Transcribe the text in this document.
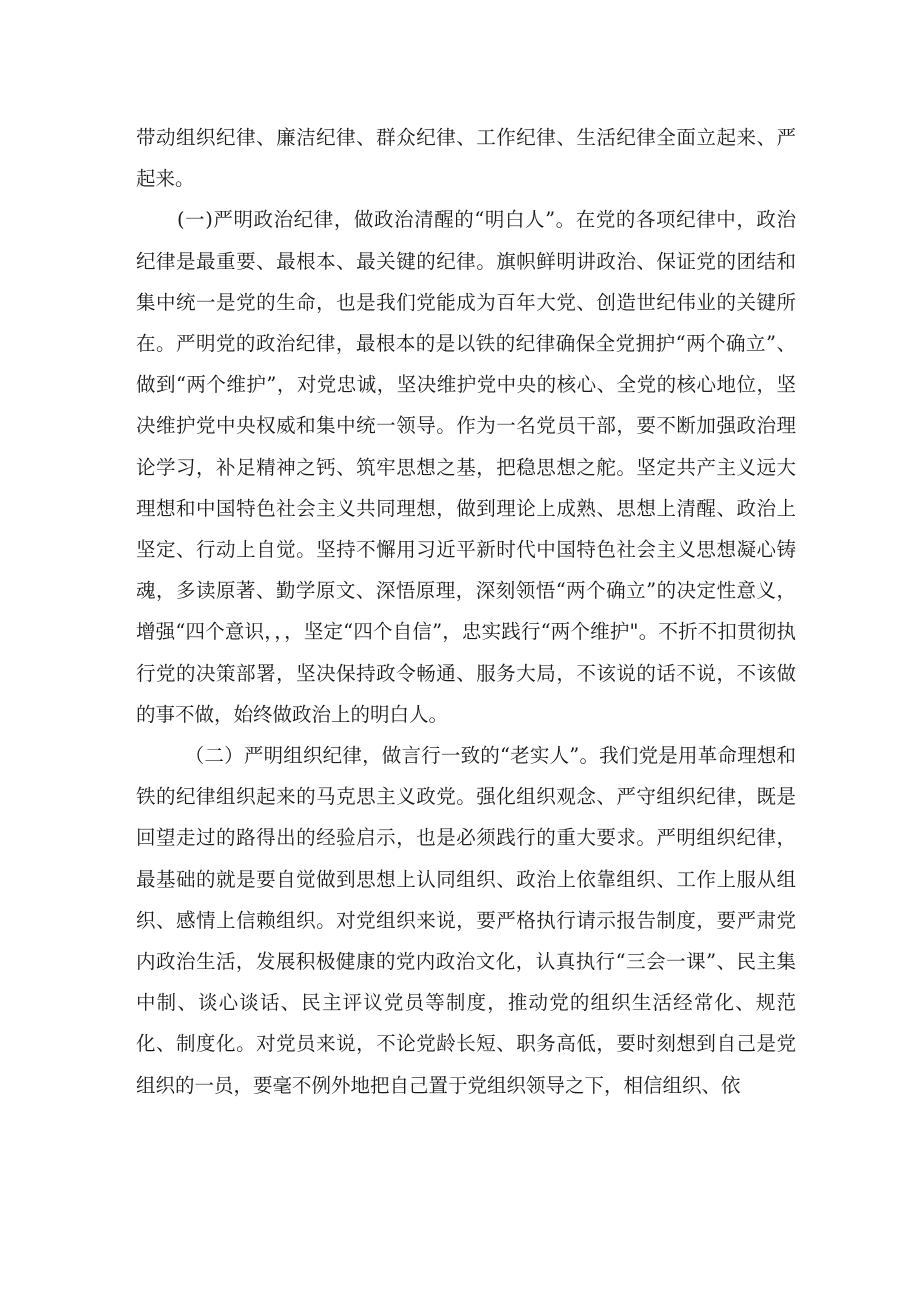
带动组织纪律、廉洁纪律、群众纪律、工作纪律、生活纪律全面立起来、严起来。

(一)严明政治纪律，做政治清醒的“明白人”。在党的各项纪律中，政治纪律是最重要、最根本、最关键的纪律。旗帜鲜明讲政治、保证党的团结和集中统一是党的生命，也是我们党能成为百年大党、创造世纪伟业的关键所在。严明党的政治纪律，最根本的是以铁的纪律确保全党拥护“两个确立”、做到“两个维护”，对党忠诚，坚决维护党中央的核心、全党的核心地位，坚决维护党中央权威和集中统一领导。作为一名党员干部，要不断加强政治理论学习，补足精神之钙、筑牢思想之基，把稳思想之舵。坚定共产主义远大理想和中国特色社会主义共同理想，做到理论上成熟、思想上清醒、政治上坚定、行动上自觉。坚持不懈用习近平新时代中国特色社会主义思想凝心铸魂，多读原著、勤学原文、深悟原理，深刻领悟“两个确立”的决定性意义，增强“四个意识，，，坚定“四个自信”，忠实践行“两个维护"。不折不扣贯彻执行党的决策部署，坚决保持政令畅通、服务大局，不该说的话不说，不该做的事不做，始终做政治上的明白人。

（二）严明组织纪律，做言行一致的“老实人”。我们党是用革命理想和铁的纪律组织起来的马克思主义政党。强化组织观念、严守组织纪律，既是回望走过的路得出的经验启示，也是必须践行的重大要求。严明组织纪律，最基础的就是要自觉做到思想上认同组织、政治上依靠组织、工作上服从组织、感情上信赖组织。对党组织来说，要严格执行请示报告制度，要严肃党内政治生活，发展积极健康的党内政治文化，认真执行“三会一课”、民主集中制、谈心谈话、民主评议党员等制度，推动党的组织生活经常化、规范化、制度化。对党员来说，不论党龄长短、职务高低，要时刻想到自己是党组织的一员，要毫不例外地把自己置于党组织领导之下，相信组织、依
